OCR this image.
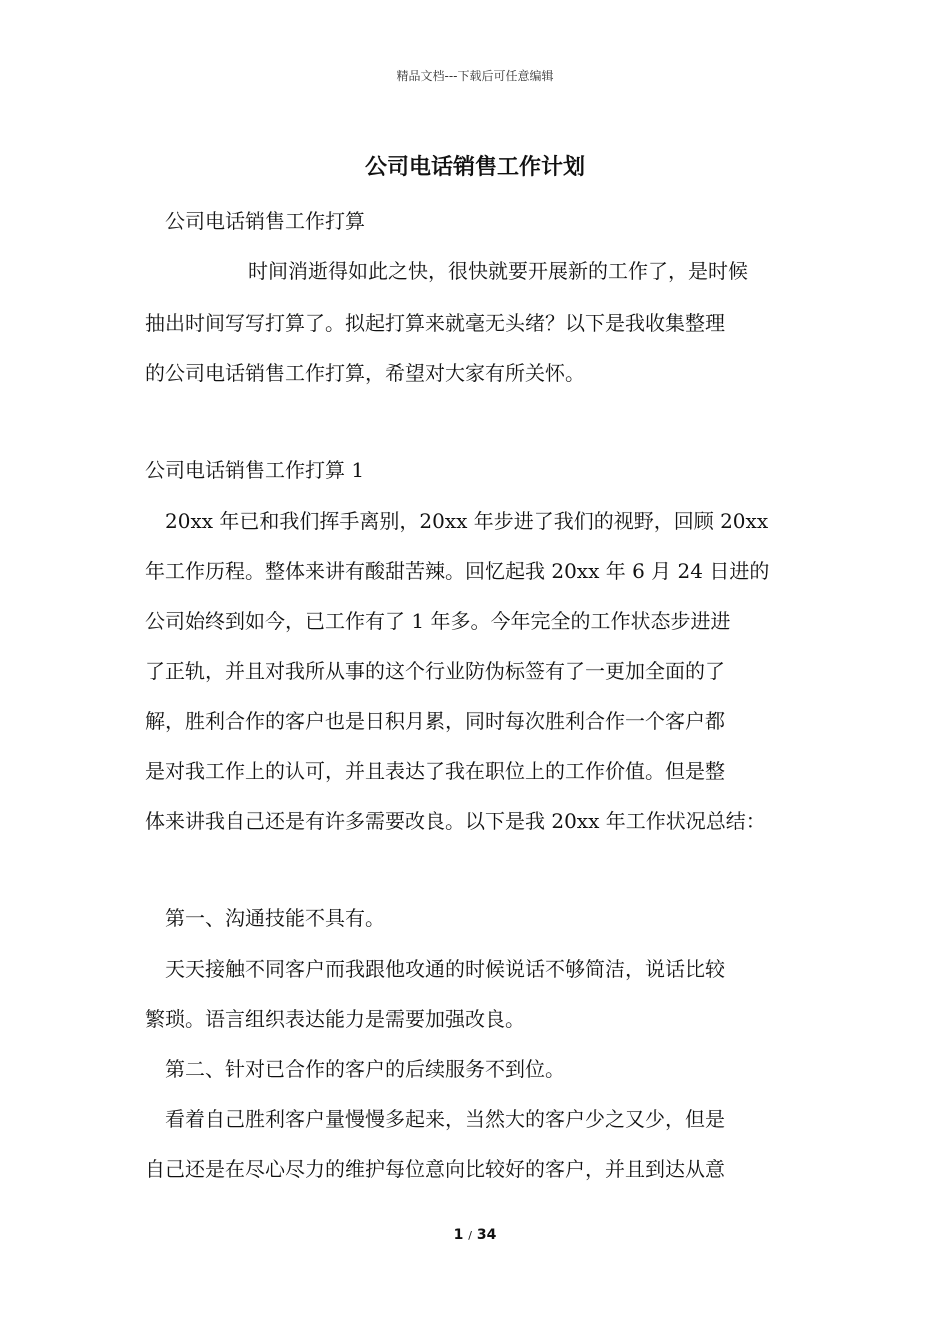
精品文档---下载后可任意编辑
公司电话销售工作计划
公司电话销售工作打算
时间消逝得如此之快，很快就要开展新的工作了，是时候
抽出时间写写打算了。拟起打算来就毫无头绪？以下是我收集整理
的公司电话销售工作打算，希望对大家有所关怀。
公司电话销售工作打算 1
20xx 年已和我们挥手离别，20xx 年步进了我们的视野，回顾 20xx
年工作历程。整体来讲有酸甜苦辣。回忆起我 20xx 年 6 月 24 日进的
公司始终到如今，已工作有了 1 年多。今年完全的工作状态步进进
了正轨，并且对我所从事的这个行业防伪标签有了一更加全面的了
解，胜利合作的客户也是日积月累，同时每次胜利合作一个客户都
是对我工作上的认可，并且表达了我在职位上的工作价值。但是整
体来讲我自己还是有许多需要改良。以下是我 20xx 年工作状况总结：
第一、沟通技能不具有。
天天接触不同客户而我跟他攻通的时候说话不够简洁，说话比较
繁琐。语言组织表达能力是需要加强改良。
第二、针对已合作的客户的后续服务不到位。
看着自己胜利客户量慢慢多起来，当然大的客户少之又少，但是
自己还是在尽心尽力的维护每位意向比较好的客户，并且到达从意
1 / 34
